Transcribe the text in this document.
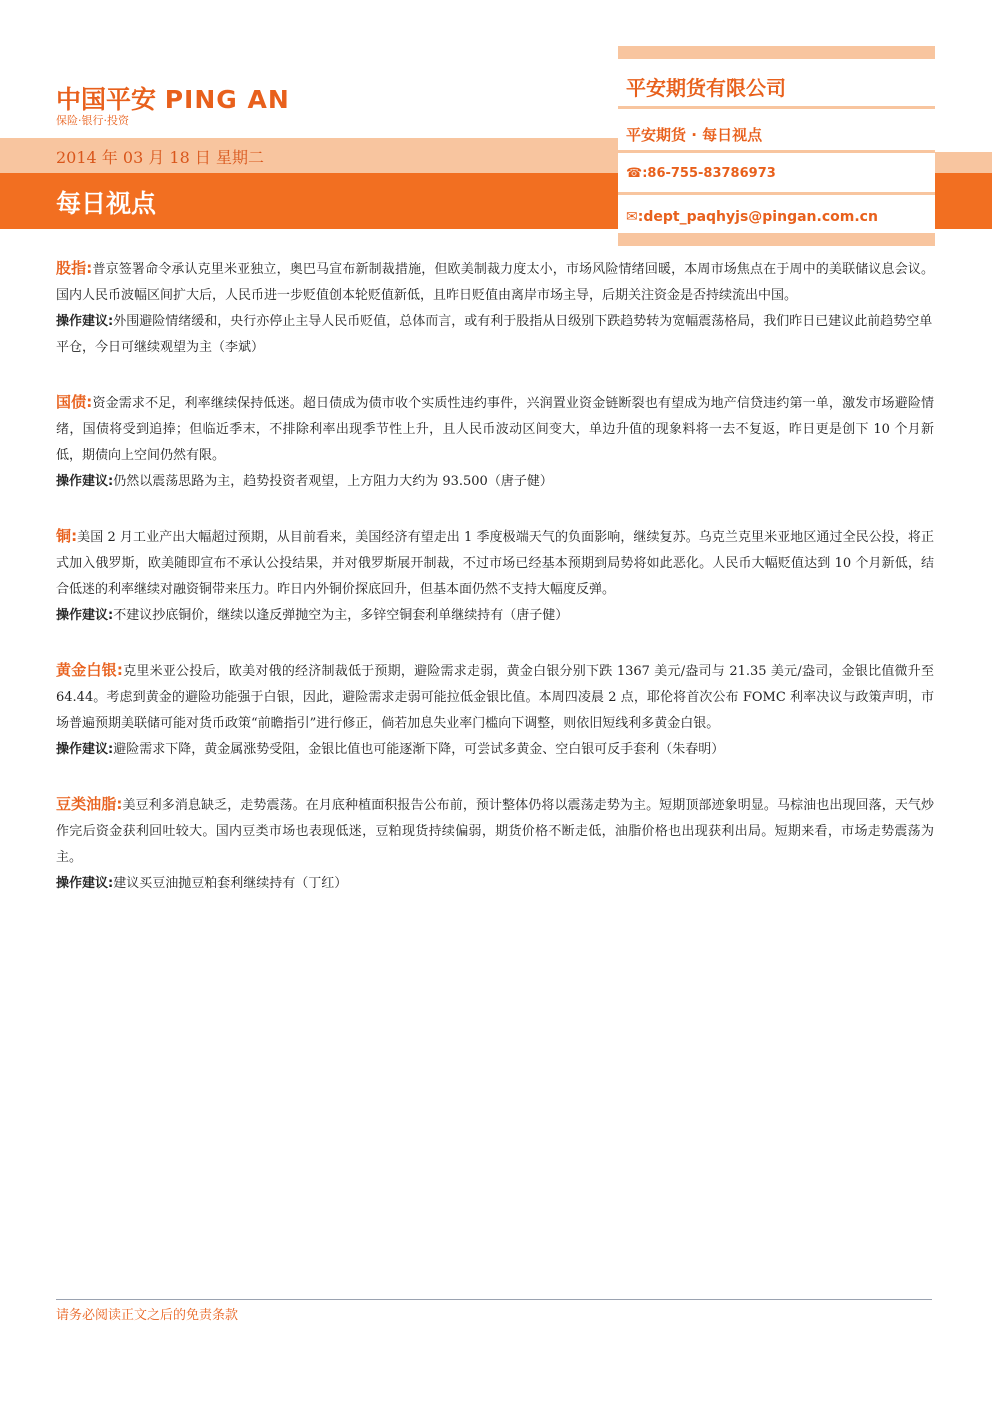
中国平安 PING AN
保险·银行·投资
2014 年 03 月 18 日 星期二
每日视点
平安期货有限公司
平安期货 · 每日视点
☎:86-755-83786973
✉:dept_paqhyjs@pingan.com.cn

股指:普京签署命令承认克里米亚独立，奥巴马宣布新制裁措施，但欧美制裁力度太小，市场风险情绪回暖，本周市场焦点在于周中的美联储议息会议。国内人民币波幅区间扩大后，人民币进一步贬值创本轮贬值新低，且昨日贬值由离岸市场主导，后期关注资金是否持续流出中国。

操作建议:外围避险情绪缓和，央行亦停止主导人民币贬值，总体而言，或有利于股指从日级别下跌趋势转为宽幅震荡格局，我们昨日已建议此前趋势空单平仓，今日可继续观望为主（李斌）

国债:资金需求不足，利率继续保持低迷。超日债成为债市收个实质性违约事件，兴润置业资金链断裂也有望成为地产信贷违约第一单，激发市场避险情绪，国债将受到追捧；但临近季末，不排除利率出现季节性上升，且人民币波动区间变大，单边升值的现象料将一去不复返，昨日更是创下 10 个月新低，期债向上空间仍然有限。

操作建议:仍然以震荡思路为主，趋势投资者观望，上方阻力大约为 93.500（唐子健）

铜:美国 2 月工业产出大幅超过预期，从目前看来，美国经济有望走出 1 季度极端天气的负面影响，继续复苏。乌克兰克里米亚地区通过全民公投，将正式加入俄罗斯，欧美随即宣布不承认公投结果，并对俄罗斯展开制裁，不过市场已经基本预期到局势将如此恶化。人民币大幅贬值达到 10 个月新低，结合低迷的利率继续对融资铜带来压力。昨日内外铜价探底回升，但基本面仍然不支持大幅度反弹。

操作建议:不建议抄底铜价，继续以逢反弹抛空为主，多锌空铜套利单继续持有（唐子健）

黄金白银:克里米亚公投后，欧美对俄的经济制裁低于预期，避险需求走弱，黄金白银分别下跌 1367 美元/盎司与 21.35 美元/盎司，金银比值微升至 64.44。考虑到黄金的避险功能强于白银，因此，避险需求走弱可能拉低金银比值。本周四凌晨 2 点，耶伦将首次公布 FOMC 利率决议与政策声明，市场普遍预期美联储可能对货币政策“前瞻指引”进行修正，倘若加息失业率门槛向下调整，则依旧短线利多黄金白银。

操作建议:避险需求下降，黄金属涨势受阻，金银比值也可能逐渐下降，可尝试多黄金、空白银可反手套利（朱春明）

豆类油脂:美豆利多消息缺乏，走势震荡。在月底种植面积报告公布前，预计整体仍将以震荡走势为主。短期顶部迹象明显。马棕油也出现回落，天气炒作完后资金获利回吐较大。国内豆类市场也表现低迷，豆粕现货持续偏弱，期货价格不断走低，油脂价格也出现获利出局。短期来看，市场走势震荡为主。

操作建议:建议买豆油抛豆粕套利继续持有（丁红）

请务必阅读正文之后的免责条款
